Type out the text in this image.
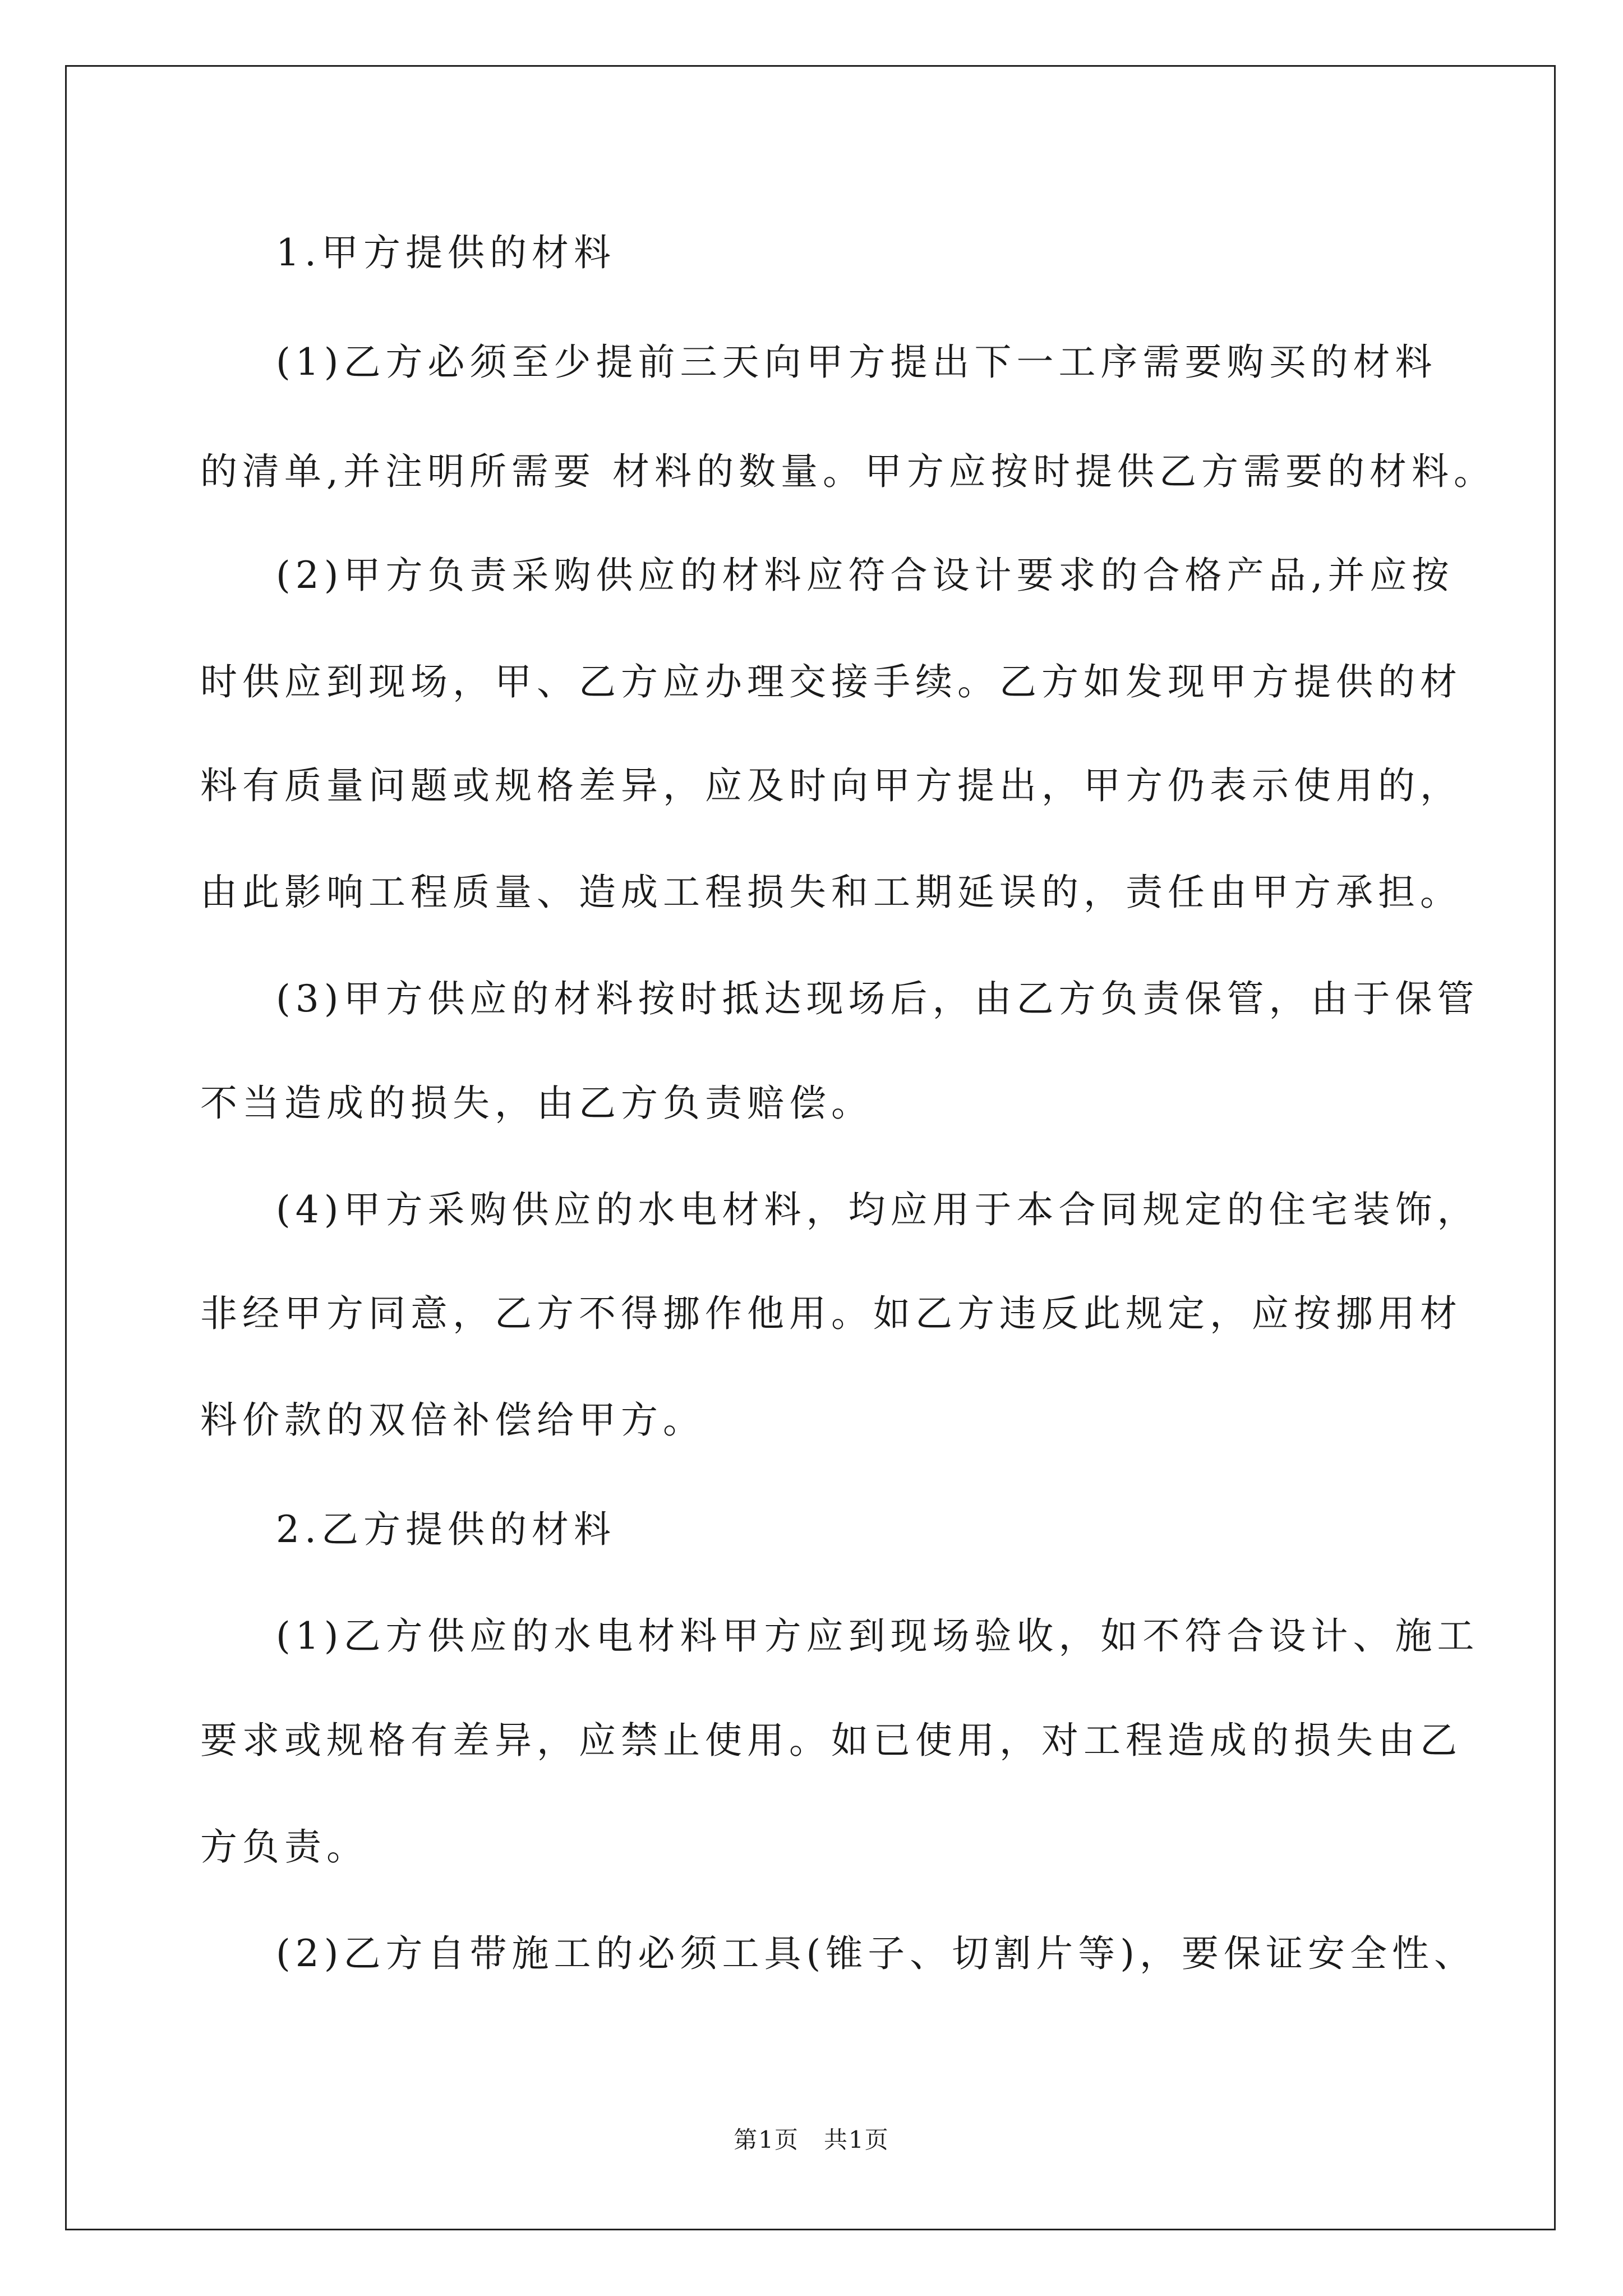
1.甲方提供的材料
(1)乙方必须至少提前三天向甲方提出下一工序需要购买的材料
的清单,并注明所需要 材料的数量。甲方应按时提供乙方需要的材料。
(2)甲方负责采购供应的材料应符合设计要求的合格产品,并应按
时供应到现场，甲、乙方应办理交接手续。乙方如发现甲方提供的材
料有质量问题或规格差异，应及时向甲方提出，甲方仍表示使用的，
由此影响工程质量、造成工程损失和工期延误的，责任由甲方承担。
(3)甲方供应的材料按时抵达现场后，由乙方负责保管，由于保管
不当造成的损失，由乙方负责赔偿。
(4)甲方采购供应的水电材料，均应用于本合同规定的住宅装饰，
非经甲方同意，乙方不得挪作他用。如乙方违反此规定，应按挪用材
料价款的双倍补偿给甲方。
2.乙方提供的材料
(1)乙方供应的水电材料甲方应到现场验收，如不符合设计、施工
要求或规格有差异，应禁止使用。如已使用，对工程造成的损失由乙
方负责。
(2)乙方自带施工的必须工具(锥子、切割片等)，要保证安全性、
第1页　共1页
